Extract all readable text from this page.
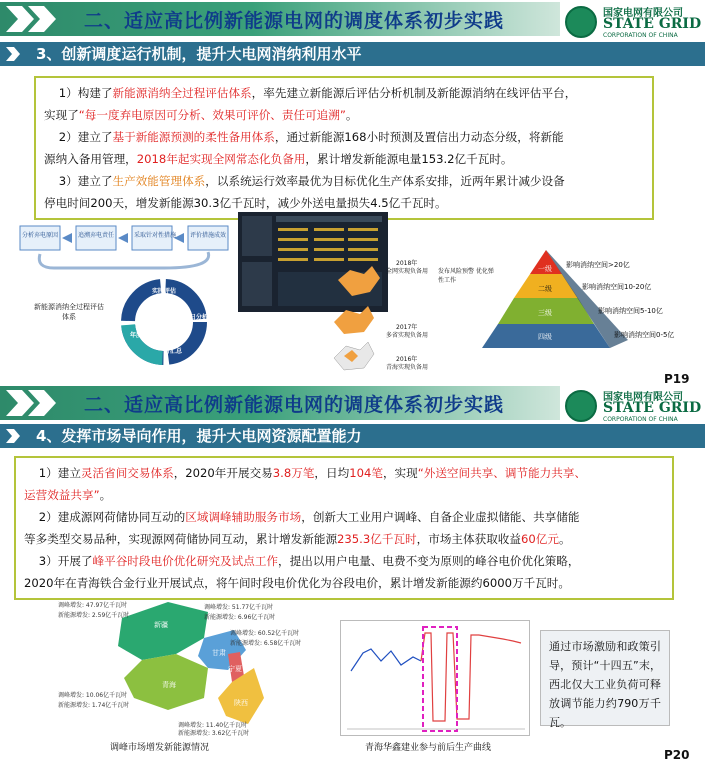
二、适应高比例新能源电网的调度体系初步实践	国家电网有限公司
STATE GRID
CORPORATION OF CHINA
3、创新调度运行机制，提升大电网消纳利用水平
1）构建了新能源消纳全过程评估体系，率先建立新能源后评估分析机制及新能源消纳在线评估平台，
实现了“每一度弃电原因可分析、效果可评价、责任可追溯”。
2）建立了基于新能源预测的柔性备用体系，通过新能源168小时预测及置信出力动态分级，将新能
源纳入备用管理，2018年起实现全网常态化负备用，累计增发新能源电量153.2亿千瓦时。
3）建立了生产效能管理体系，以系统运行效率最优为目标优化生产体系安排，近两年累计减少设备
停电时间200天，增发新能源30.3亿千瓦时，减少外送电量损失4.5亿千瓦时。
分析弃电原因	追溯弃电责任	采取针对性措施 评价措施成效
实时评估
日分析
月汇总
年度
新能源消纳全过程评估体系
2018年
全网实现负备用
2017年
多省实现负备用
2016年
青海实现负备用
发布风险预警 优化弹性工作
一级
二级
三级
四级
影响消纳空间>20亿
影响消纳空间10-20亿
影响消纳空间5-10亿
影响消纳空间0-5亿
P19
二、适应高比例新能源电网的调度体系初步实践	国家电网有限公司
STATE GRID
CORPORATION OF CHINA
4、发挥市场导向作用，提升大电网资源配置能力
1）建立灵活省间交易体系，2020年开展交易3.8万笔，日均104笔，实现“外送空间共享、调节能力共享、
运营效益共享”。
2）建成源网荷储协同互动的区域调峰辅助服务市场，创新大工业用户调峰、自备企业虚拟储能、共享储能
等多类型交易品种，实现源网荷储协同互动，累计增发新能源235.3亿千瓦时，市场主体获取收益60亿元。
3）开展了峰平谷时段电价优化研究及试点工作，提出以用户电量、电费不变为原则的峰谷电价优化策略，
2020年在青海铁合金行业开展试点，将午间时段电价优化为谷段电价，累计增发新能源约6000万千瓦时。
新疆
甘肃
宁夏
青海
陕西
调峰增发: 47.97亿千瓦时
新能源增发: 2.59亿千瓦时
调峰增发: 51.77亿千瓦时
新能源增发: 6.96亿千瓦时
调峰增发: 60.52亿千瓦时
新能源增发: 6.58亿千瓦时
调峰增发: 10.06亿千瓦时
新能源增发: 1.74亿千瓦时
调峰增发: 11.40亿千瓦时
新能源增发: 3.62亿千瓦时
调峰市场增发新能源情况	青海华鑫建业参与前后生产曲线
通过市场激励和政策引导，预计“十四五”末，西北仅大工业负荷可释放调节能力约790万千瓦。
P20
